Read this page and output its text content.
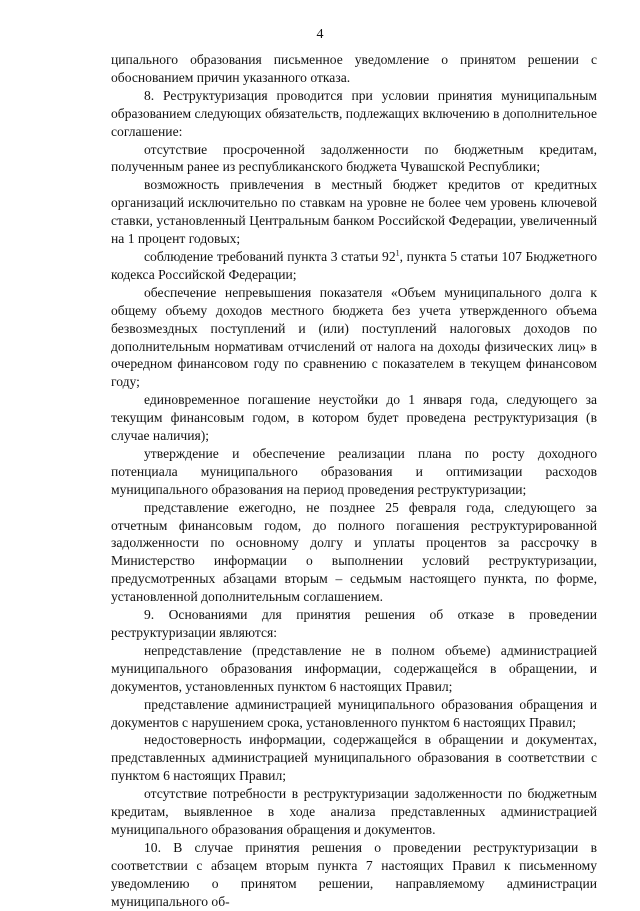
4

ципального образования письменное уведомление о принятом решении с обоснованием причин указанного отказа.

8. Реструктуризация проводится при условии принятия муниципальным образованием следующих обязательств, подлежащих включению в дополнительное соглашение:

отсутствие просроченной задолженности по бюджетным кредитам, полученным ранее из республиканского бюджета Чувашской Республики;

возможность привлечения в местный бюджет кредитов от кредитных организаций исключительно по ставкам на уровне не более чем уровень ключевой ставки, установленный Центральным банком Российской Федерации, увеличенный на 1 процент годовых;

соблюдение требований пункта 3 статьи 92$^1$, пункта 5 статьи 107 Бюджетного кодекса Российской Федерации;

обеспечение непревышения показателя «Объем муниципального долга к общему объему доходов местного бюджета без учета утвержденного объема безвозмездных поступлений и (или) поступлений налоговых доходов по дополнительным нормативам отчислений от налога на доходы физических лиц» в очередном финансовом году по сравнению с показателем в текущем финансовом году;

единовременное погашение неустойки до 1 января года, следующего за текущим финансовым годом, в котором будет проведена реструктуризация (в случае наличия);

утверждение и обеспечение реализации плана по росту доходного потенциала муниципального образования и оптимизации расходов муниципального образования на период проведения реструктуризации;

представление ежегодно, не позднее 25 февраля года, следующего за отчетным финансовым годом, до полного погашения реструктурированной задолженности по основному долгу и уплаты процентов за рассрочку в Министерство информации о выполнении условий реструктуризации, предусмотренных абзацами вторым – седьмым настоящего пункта, по форме, установленной дополнительным соглашением.

9. Основаниями для принятия решения об отказе в проведении реструктуризации являются:

непредставление (представление не в полном объеме) администрацией муниципального образования информации, содержащейся в обращении, и документов, установленных пунктом 6 настоящих Правил;

представление администрацией муниципального образования обращения и документов с нарушением срока, установленного пунктом 6 настоящих Правил;

недостоверность информации, содержащейся в обращении и документах, представленных администрацией муниципального образования в соответствии с пунктом 6 настоящих Правил;

отсутствие потребности в реструктуризации задолженности по бюджетным кредитам, выявленное в ходе анализа представленных администрацией муниципального образования обращения и документов.

10. В случае принятия решения о проведении реструктуризации в соответствии с абзацем вторым пункта 7 настоящих Правил к письменному уведомлению о принятом решении, направляемому администрации муниципального об-
